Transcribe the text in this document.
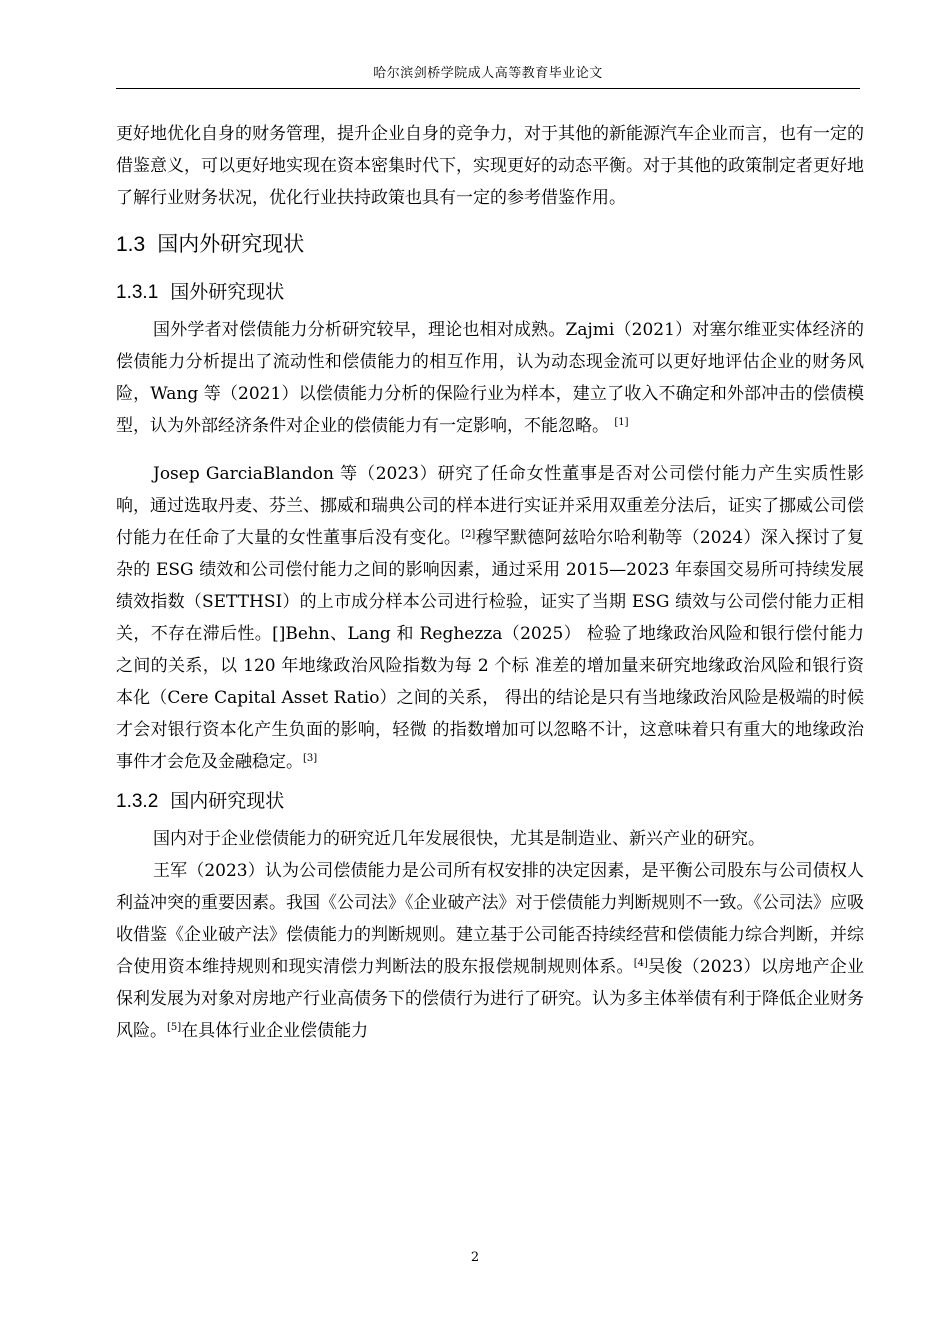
哈尔滨剑桥学院成人高等教育毕业论文

更好地优化自身的财务管理，提升企业自身的竞争力，对于其他的新能源汽车企业而言，也有一定的借鉴意义，可以更好地实现在资本密集时代下，实现更好的动态平衡。对于其他的政策制定者更好地了解行业财务状况，优化行业扶持政策也具有一定的参考借鉴作用。

1.3 国内外研究现状
1.3.1 国外研究现状

国外学者对偿债能力分析研究较早，理论也相对成熟。Zajmi（2021）对塞尔维亚实体经济的偿债能力分析提出了流动性和偿债能力的相互作用，认为动态现金流可以更好地评估企业的财务风险，Wang 等（2021）以偿债能力分析的保险行业为样本，建立了收入不确定和外部冲击的偿债模型，认为外部经济条件对企业的偿债能力有一定影响，不能忽略。 [1]

Josep GarciaBlandon 等（2023）研究了任命女性董事是否对公司偿付能力产生实质性影响，通过选取丹麦、芬兰、挪威和瑞典公司的样本进行实证并采用双重差分法后，证实了挪威公司偿付能力在任命了大量的女性董事后没有变化。[2]穆罕默德阿兹哈尔哈利勒等（2024）深入探讨了复杂的 ESG 绩效和公司偿付能力之间的影响因素，通过采用 2015—2023 年泰国交易所可持续发展绩效指数（SETTHSI）的上市成分样本公司进行检验，证实了当期 ESG 绩效与公司偿付能力正相关，不存在滞后性。[]Behn、Lang 和 Reghezza（2025） 检验了地缘政治风险和银行偿付能力之间的关系，以 120 年地缘政治风险指数为每 2 个标 准差的增加量来研究地缘政治风险和银行资本化（Cere Capital Asset Ratio）之间的关系， 得出的结论是只有当地缘政治风险是极端的时候才会对银行资本化产生负面的影响，轻微 的指数增加可以忽略不计，这意味着只有重大的地缘政治事件才会危及金融稳定。[3]

1.3.2 国内研究现状

国内对于企业偿债能力的研究近几年发展很快，尤其是制造业、新兴产业的研究。

王军（2023）认为公司偿债能力是公司所有权安排的决定因素，是平衡公司股东与公司债权人利益冲突的重要因素。我国《公司法》《企业破产法》对于偿债能力判断规则不一致。《公司法》应吸收借鉴《企业破产法》偿债能力的判断规则。建立基于公司能否持续经营和偿债能力综合判断，并综合使用资本维持规则和现实清偿力判断法的股东报偿规制规则体系。[4]吴俊（2023）以房地产企业保利发展为对象对房地产行业高债务下的偿债行为进行了研究。认为多主体举债有利于降低企业财务风险。[5]在具体行业企业偿债能力

2
